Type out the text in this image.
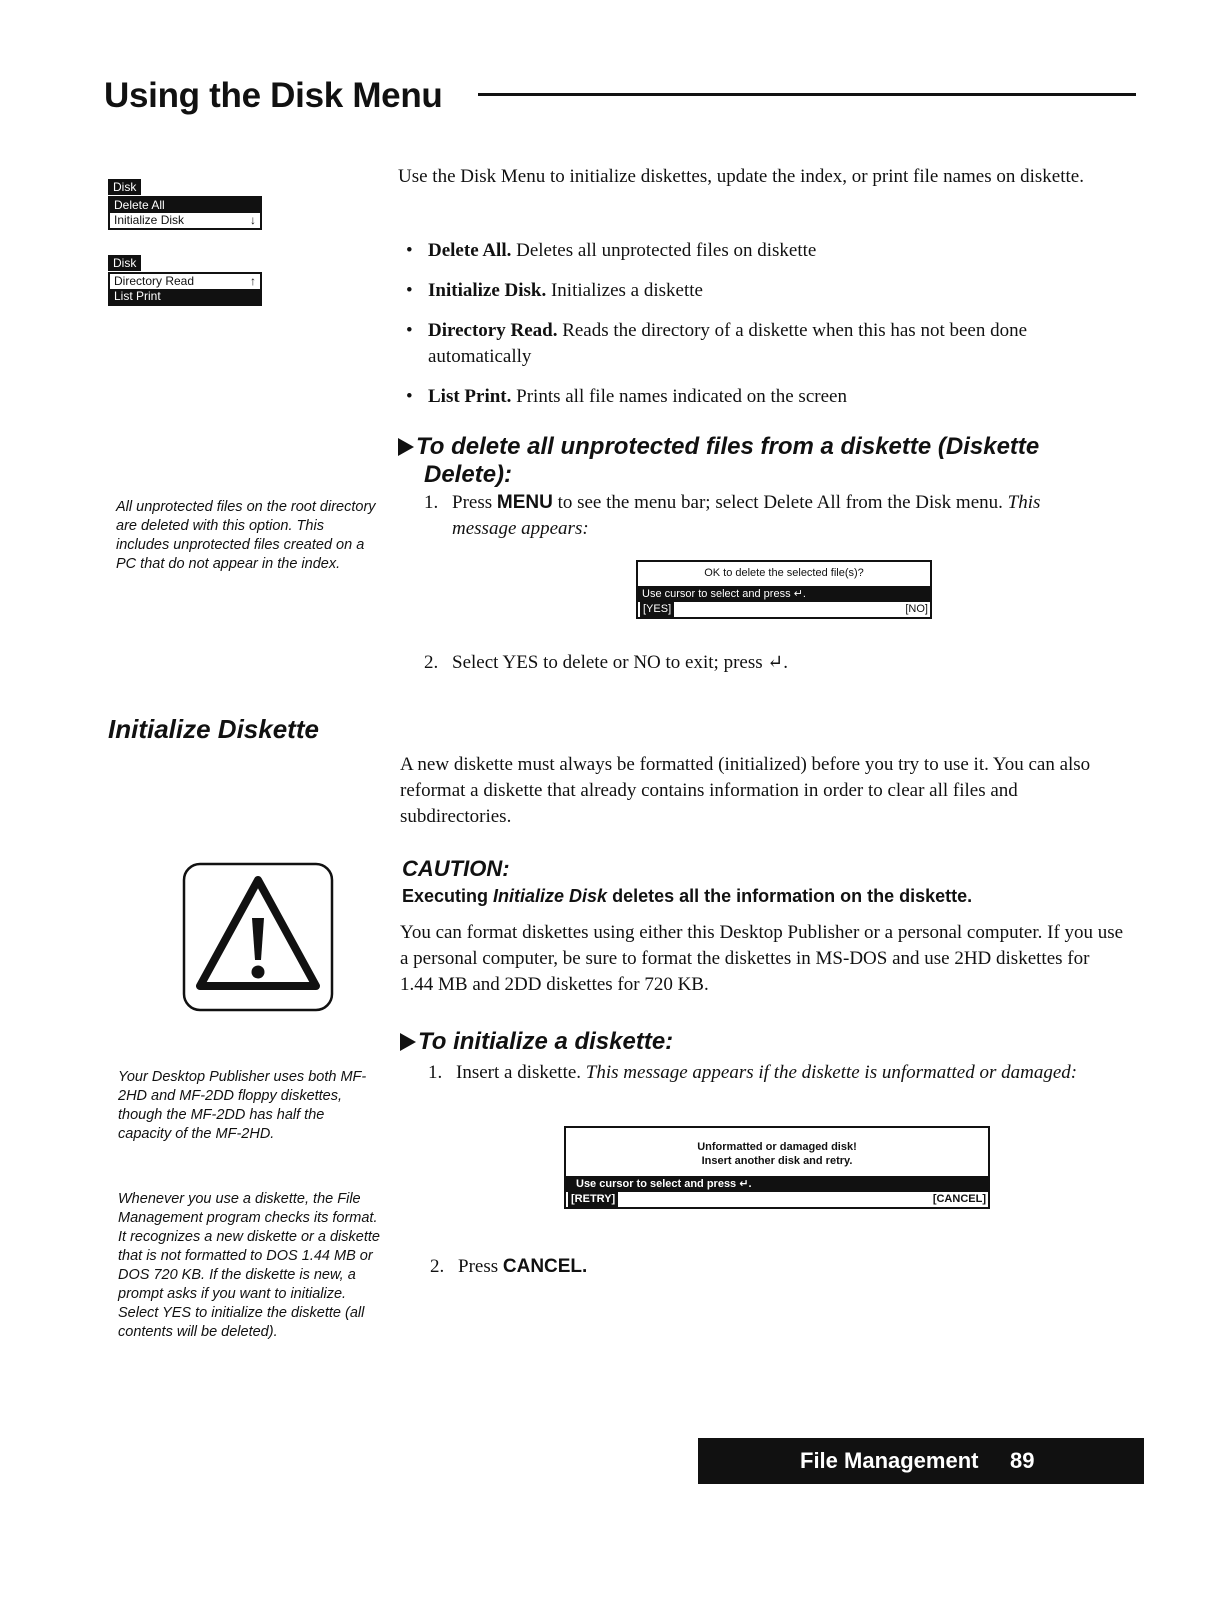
Using the Disk Menu
Disk
Delete All
Initialize Disk	↓
Disk
Directory Read	↑
List Print
Use the Disk Menu to initialize diskettes, update the index, or print file names on diskette.
• Delete All. Deletes all unprotected files on diskette
• Initialize Disk. Initializes a diskette
• Directory Read. Reads the directory of a diskette when this has not been done automatically
• List Print. Prints all file names indicated on the screen
To delete all unprotected files from a diskette (Diskette Delete):
All unprotected files on the root directory are deleted with this option. This includes unprotected files created on a PC that do not appear in the index.
1. Press MENU to see the menu bar; select Delete All from the Disk menu. This message appears:
OK to delete the selected file(s)?
Use cursor to select and press ↵.
[YES]	[NO]
2. Select YES to delete or NO to exit; press ↵.
Initialize Diskette
A new diskette must always be formatted (initialized) before you try to use it. You can also reformat a diskette that already contains information in order to clear all files and subdirectories.
CAUTION:
Executing Initialize Disk deletes all the information on the diskette.
You can format diskettes using either this Desktop Publisher or a personal computer. If you use a personal computer, be sure to format the diskettes in MS-DOS and use 2HD diskettes for 1.44 MB and 2DD diskettes for 720 KB.
To initialize a diskette:
1. Insert a diskette. This message appears if the diskette is unformatted or damaged:
Unformatted or damaged disk!
Insert another disk and retry.
Use cursor to select and press ↵.
[RETRY]	[CANCEL]
2. Press CANCEL.
Your Desktop Publisher uses both MF-2HD and MF-2DD floppy diskettes, though the MF-2DD has half the capacity of the MF-2HD.
Whenever you use a diskette, the File Management program checks its format. It recognizes a new diskette or a diskette that is not formatted to DOS 1.44 MB or DOS 720 KB. If the diskette is new, a prompt asks if you want to initialize. Select YES to initialize the diskette (all contents will be deleted).
File Management 89
